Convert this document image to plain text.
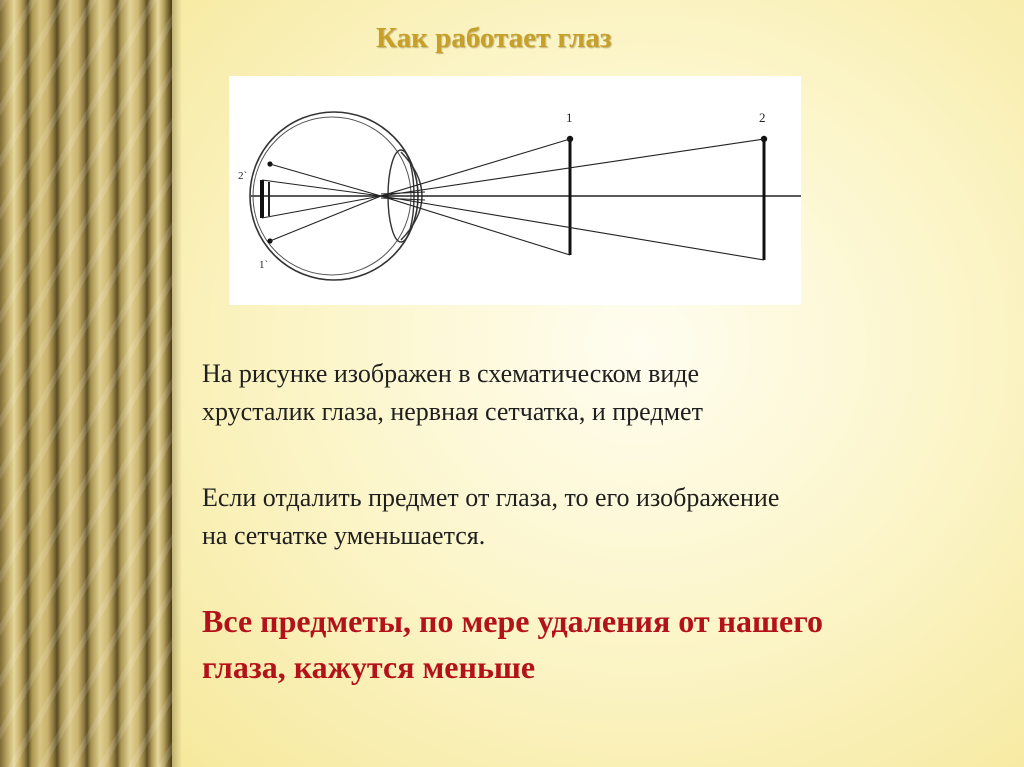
Как работает глаз
1	2
2`
1`

На рисунке изображен в схематическом виде
хрусталик глаза, нервная сетчатка, и предмет

Если отдалить предмет от глаза, то его изображение
на сетчатке уменьшается.

Все предметы, по мере удаления от нашего
глаза, кажутся меньше
